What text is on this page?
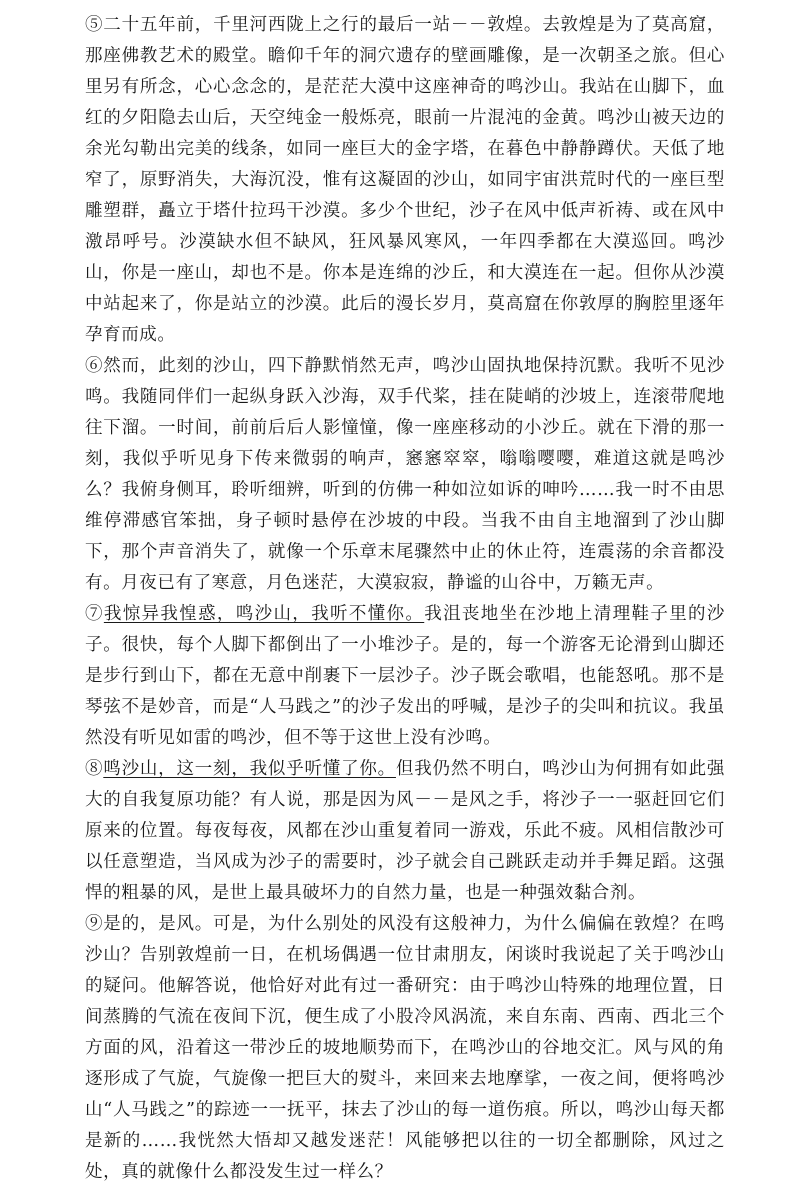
⑤二十五年前，千里河西陇上之行的最后一站－－敦煌。去敦煌是为了莫高窟，那座佛教艺术的殿堂。瞻仰千年的洞穴遗存的壁画雕像，是一次朝圣之旅。但心里另有所念，心心念念的，是茫茫大漠中这座神奇的鸣沙山。我站在山脚下，血红的夕阳隐去山后，天空纯金一般烁亮，眼前一片混沌的金黄。鸣沙山被天边的余光勾勒出完美的线条，如同一座巨大的金字塔，在暮色中静静蹲伏。天低了地窄了，原野消失，大海沉没，惟有这凝固的沙山，如同宇宙洪荒时代的一座巨型雕塑群，矗立于塔什拉玛干沙漠。多少个世纪，沙子在风中低声祈祷、或在风中激昂呼号。沙漠缺水但不缺风，狂风暴风寒风，一年四季都在大漠巡回。鸣沙山，你是一座山，却也不是。你本是连绵的沙丘，和大漠连在一起。但你从沙漠中站起来了，你是站立的沙漠。此后的漫长岁月，莫高窟在你敦厚的胸腔里逐年孕育而成。

⑥然而，此刻的沙山，四下静默悄然无声，鸣沙山固执地保持沉默。我听不见沙鸣。我随同伴们一起纵身跃入沙海，双手代桨，挂在陡峭的沙坡上，连滚带爬地往下溜。一时间，前前后后人影憧憧，像一座座移动的小沙丘。就在下滑的那一刻，我似乎听见身下传来微弱的响声，窸窸窣窣，嗡嗡嘤嘤，难道这就是鸣沙么？我俯身侧耳，聆听细辨，听到的仿佛一种如泣如诉的呻吟……我一时不由思维停滞感官笨拙，身子顿时悬停在沙坡的中段。当我不由自主地溜到了沙山脚下，那个声音消失了，就像一个乐章末尾骤然中止的休止符，连震荡的余音都没有。月夜已有了寒意，月色迷茫，大漠寂寂，静谧的山谷中，万籁无声。

⑦我惊异我惶惑，鸣沙山，我听不懂你。我沮丧地坐在沙地上清理鞋子里的沙子。很快，每个人脚下都倒出了一小堆沙子。是的，每一个游客无论滑到山脚还是步行到山下，都在无意中削裹下一层沙子。沙子既会歌唱，也能怒吼。那不是琴弦不是妙音，而是“人马践之”的沙子发出的呼喊，是沙子的尖叫和抗议。我虽然没有听见如雷的鸣沙，但不等于这世上没有沙鸣。

⑧鸣沙山，这一刻，我似乎听懂了你。但我仍然不明白，鸣沙山为何拥有如此强大的自我复原功能？有人说，那是因为风－－是风之手，将沙子一一驱赶回它们原来的位置。每夜每夜，风都在沙山重复着同一游戏，乐此不疲。风相信散沙可以任意塑造，当风成为沙子的需要时，沙子就会自己跳跃走动并手舞足蹈。这强悍的粗暴的风，是世上最具破坏力的自然力量，也是一种强效黏合剂。

⑨是的，是风。可是，为什么别处的风没有这般神力，为什么偏偏在敦煌？在鸣沙山？告别敦煌前一日，在机场偶遇一位甘肃朋友，闲谈时我说起了关于鸣沙山的疑问。他解答说，他恰好对此有过一番研究：由于鸣沙山特殊的地理位置，日间蒸腾的气流在夜间下沉，便生成了小股冷风涡流，来自东南、西南、西北三个方面的风，沿着这一带沙丘的坡地顺势而下，在鸣沙山的谷地交汇。风与风的角逐形成了气旋，气旋像一把巨大的熨斗，来回来去地摩挲，一夜之间，便将鸣沙山“人马践之”的踪迹一一抚平，抹去了沙山的每一道伤痕。所以，鸣沙山每天都是新的……我恍然大悟却又越发迷茫！风能够把以往的一切全都删除，风过之处，真的就像什么都没发生过一样么？
